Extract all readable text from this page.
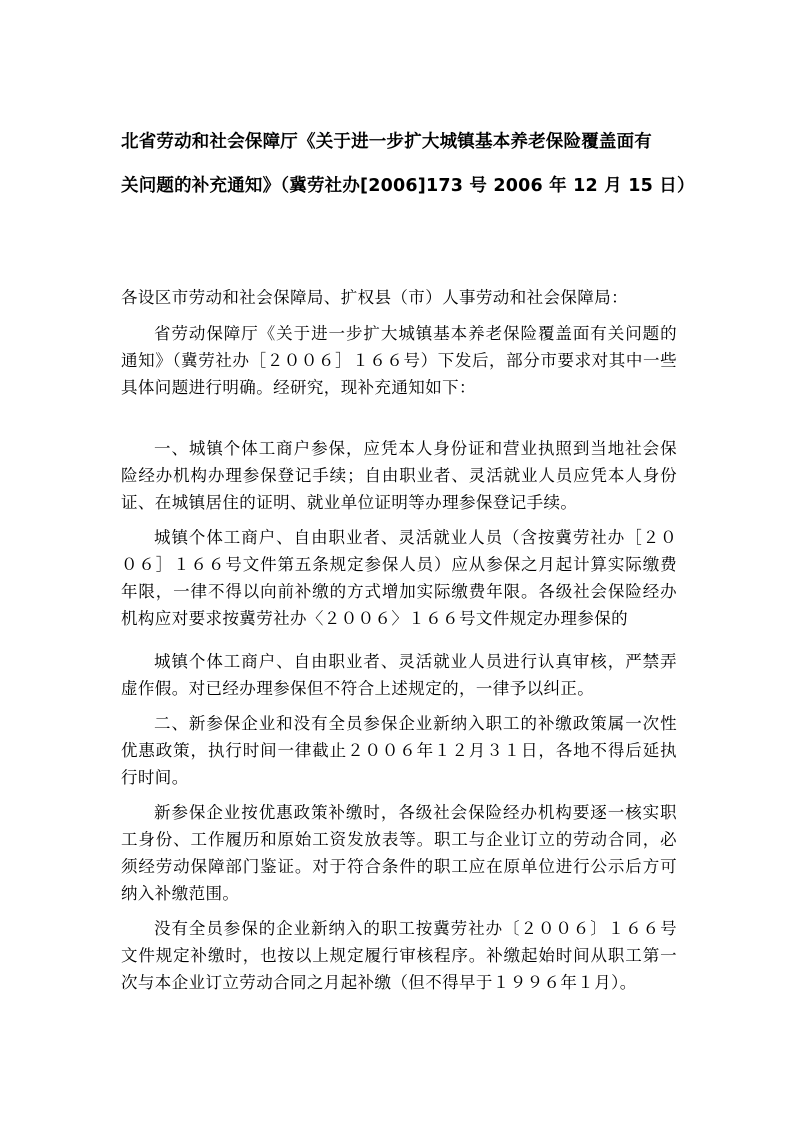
北省劳动和社会保障厅《关于进一步扩大城镇基本养老保险覆盖面有
关问题的补充通知》（冀劳社办[2006]173 号 2006 年 12 月 15 日）

各设区市劳动和社会保障局、扩权县（市）人事劳动和社会保障局：

省劳动保障厅《关于进一步扩大城镇基本养老保险覆盖面有关问题的通知》（冀劳社办［２００６］１６６号）下发后，部分市要求对其中一些具体问题进行明确。经研究，现补充通知如下：

一、城镇个体工商户参保，应凭本人身份证和营业执照到当地社会保险经办机构办理参保登记手续；自由职业者、灵活就业人员应凭本人身份证、在城镇居住的证明、就业单位证明等办理参保登记手续。

城镇个体工商户、自由职业者、灵活就业人员（含按冀劳社办［２００６］１６６号文件第五条规定参保人员）应从参保之月起计算实际缴费年限，一律不得以向前补缴的方式增加实际缴费年限。各级社会保险经办机构应对要求按冀劳社办〈２００６〉１６６号文件规定办理参保的

城镇个体工商户、自由职业者、灵活就业人员进行认真审核，严禁弄虚作假。对已经办理参保但不符合上述规定的，一律予以纠正。

二、新参保企业和没有全员参保企业新纳入职工的补缴政策属一次性优惠政策，执行时间一律截止２００６年１２月３１日，各地不得后延执行时间。

新参保企业按优惠政策补缴时，各级社会保险经办机构要逐一核实职工身份、工作履历和原始工资发放表等。职工与企业订立的劳动合同，必须经劳动保障部门鉴证。对于符合条件的职工应在原单位进行公示后方可纳入补缴范围。

没有全员参保的企业新纳入的职工按冀劳社办〔２００６〕１６６号文件规定补缴时，也按以上规定履行审核程序。补缴起始时间从职工第一次与本企业订立劳动合同之月起补缴（但不得早于１９９６年１月）。
